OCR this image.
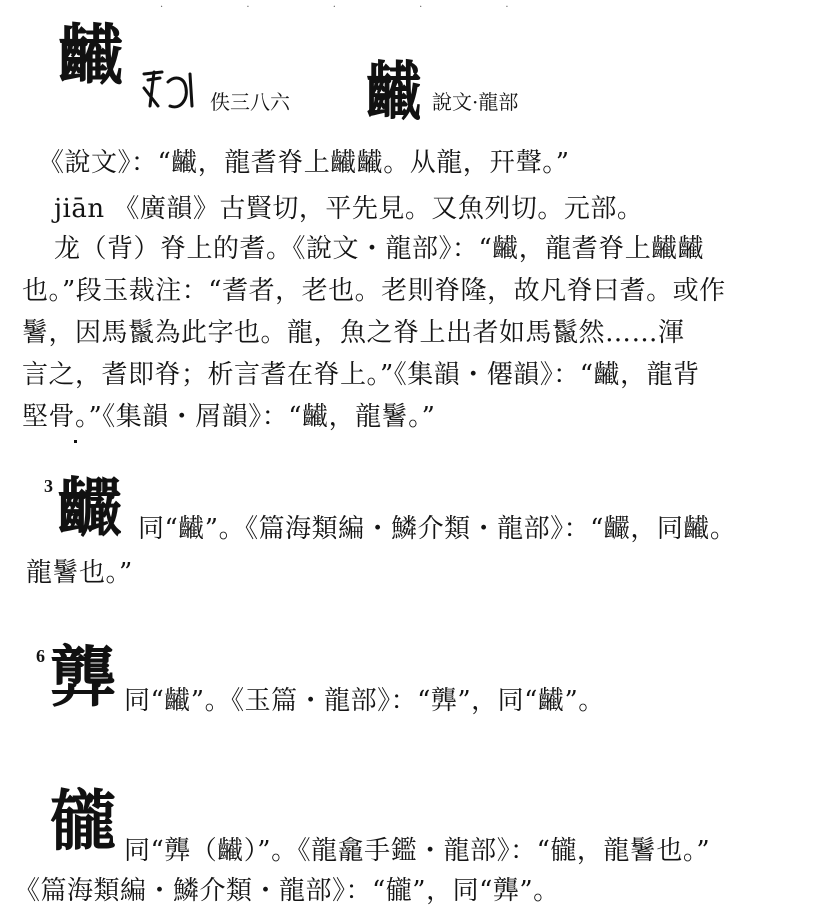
· · · · ·
䶪
佚三八六 䶪 說文·龍部
《說文》：“䶪，龍耆脊上䶪䶪。从龍，幵聲。”
jiān 《廣韻》古賢切，平先見。又魚列切。元部。
龙（背）脊上的耆。《說文・龍部》：“䶪，龍耆脊上䶪䶪
也。”段玉裁注：“耆者，老也。老則脊隆，故凡脊曰耆。或作
鬐，因馬鬣為此字也。龍，魚之脊上出者如馬鬣然……渾
言之，耆即脊；析言耆在脊上。”《集韻・僊韻》：“䶪，龍背
堅骨。”《集韻・屑韻》：“䶪，龍鬐。”
3 䶫 同“䶪”。《篇海類編・鱗介類・龍部》：“䶫，同䶪。
龍鬐也。”
6 龏 同“䶪”。《玉篇・龍部》：“龏”，同“䶪”。
龓 同“龏（䶪）”。《龍龕手鑑・龍部》：“龓，龍鬐也。”
《篇海類編・鱗介類・龍部》：“龓”，同“龏”。
